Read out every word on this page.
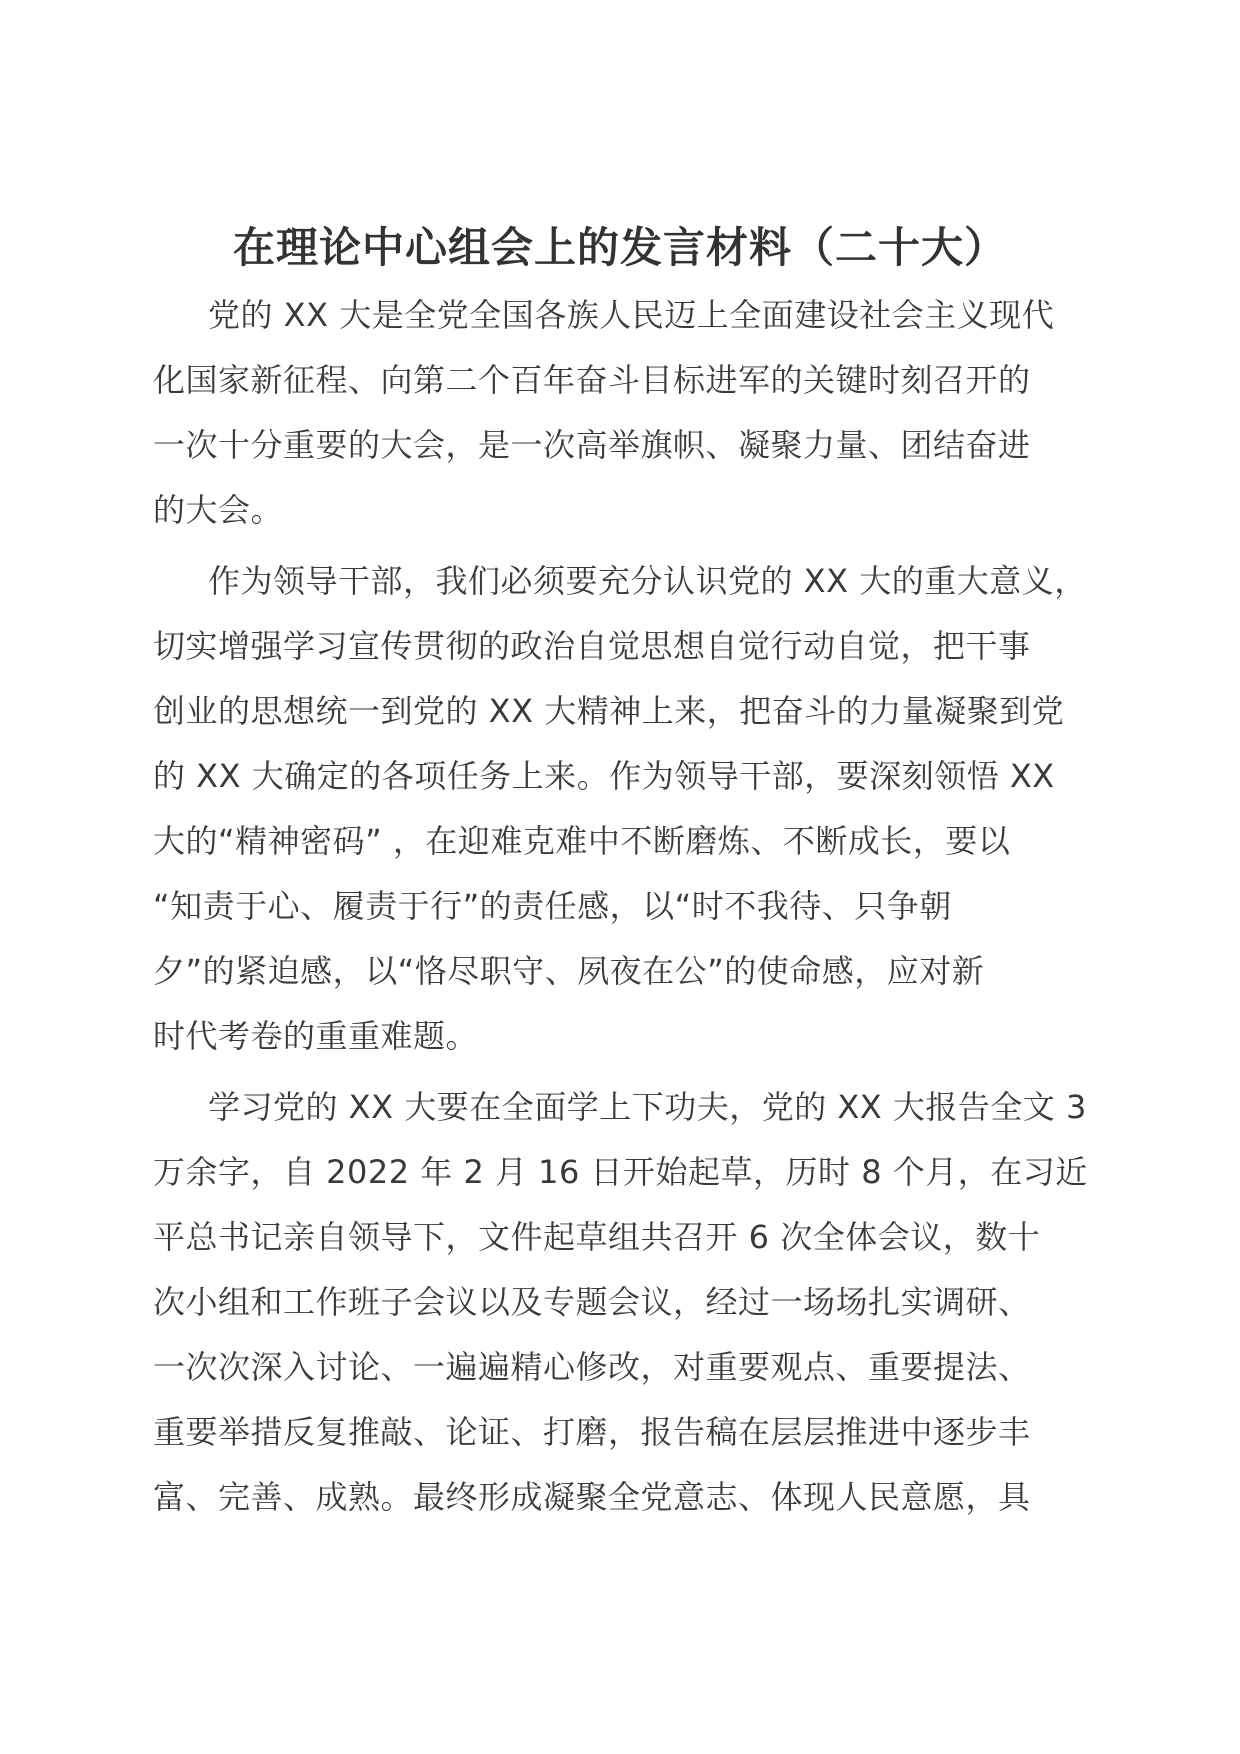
在理论中心组会上的发言材料（二十大）
党的 XX 大是全党全国各族人民迈上全面建设社会主义现代
化国家新征程、向第二个百年奋斗目标进军的关键时刻召开的
一次十分重要的大会，是一次高举旗帜、凝聚力量、团结奋进
的大会。
作为领导干部，我们必须要充分认识党的 XX 大的重大意义，
切实增强学习宣传贯彻的政治自觉思想自觉行动自觉，把干事
创业的思想统一到党的 XX 大精神上来，把奋斗的力量凝聚到党
的 XX 大确定的各项任务上来。作为领导干部，要深刻领悟 XX
大的“精神密码” ，在迎难克难中不断磨炼、不断成长，要以
“知责于心、履责于行”的责任感，以“时不我待、只争朝
夕”的紧迫感，以“恪尽职守、夙夜在公”的使命感，应对新
时代考卷的重重难题。
学习党的 XX 大要在全面学上下功夫，党的 XX 大报告全文 3
万余字，自 2022 年 2 月 16 日开始起草，历时 8 个月，在习近
平总书记亲自领导下，文件起草组共召开 6 次全体会议，数十
次小组和工作班子会议以及专题会议，经过一场场扎实调研、
一次次深入讨论、一遍遍精心修改，对重要观点、重要提法、
重要举措反复推敲、论证、打磨，报告稿在层层推进中逐步丰
富、完善、成熟。最终形成凝聚全党意志、体现人民意愿，具
